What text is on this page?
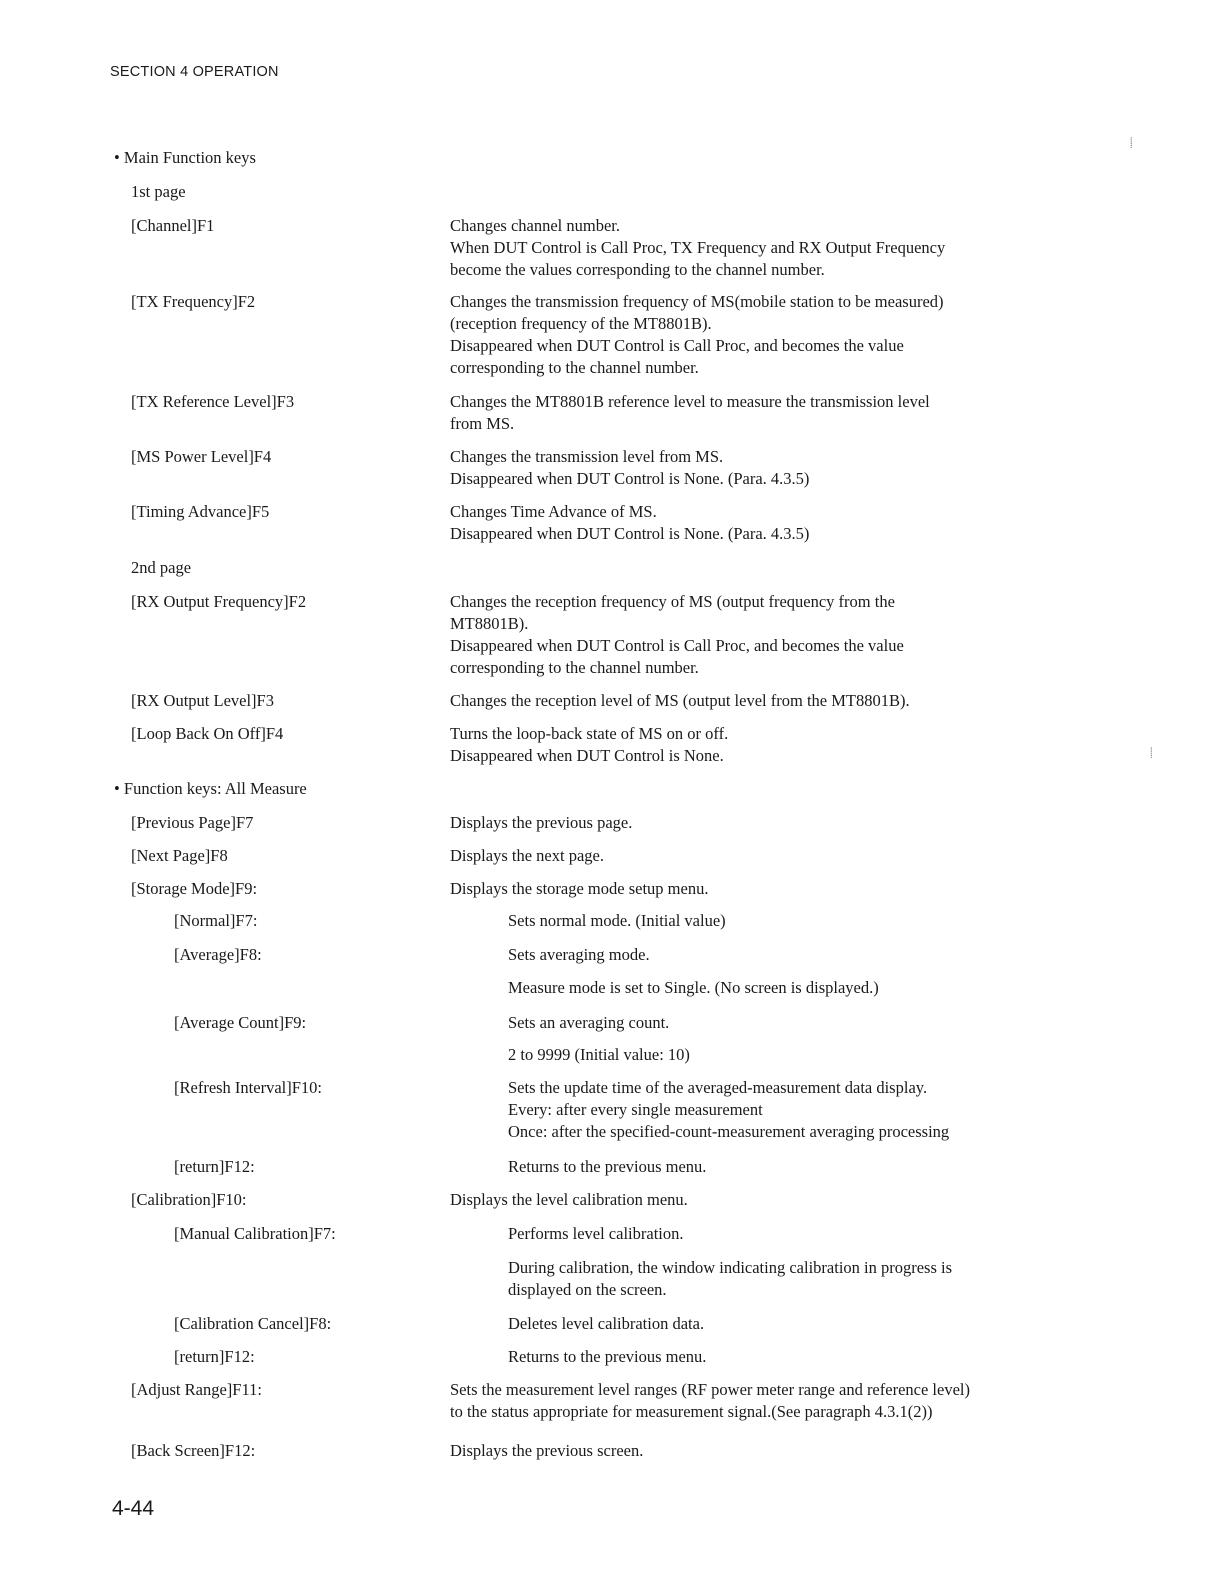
SECTION 4 OPERATION
• Main Function keys
1st page
[Channel]F1	Changes channel number.
When DUT Control is Call Proc, TX Frequency and RX Output Frequency
become the values corresponding to the channel number.
[TX Frequency]F2	Changes the transmission frequency of MS(mobile station to be measured)
(reception frequency of the MT8801B).
Disappeared when DUT Control is Call Proc, and becomes the value
corresponding to the channel number.
[TX Reference Level]F3	Changes the MT8801B reference level to measure the transmission level
from MS.
[MS Power Level]F4	Changes the transmission level from MS.
Disappeared when DUT Control is None. (Para. 4.3.5)
[Timing Advance]F5	Changes Time Advance of MS.
Disappeared when DUT Control is None. (Para. 4.3.5)
2nd page
[RX Output Frequency]F2	Changes the reception frequency of MS (output frequency from the
MT8801B).
Disappeared when DUT Control is Call Proc, and becomes the value
corresponding to the channel number.
[RX Output Level]F3	Changes the reception level of MS (output level from the MT8801B).
[Loop Back On Off]F4	Turns the loop-back state of MS on or off.
Disappeared when DUT Control is None.
• Function keys: All Measure
[Previous Page]F7	Displays the previous page.
[Next Page]F8	Displays the next page.
[Storage Mode]F9:	Displays the storage mode setup menu.
[Normal]F7:	Sets normal mode. (Initial value)
[Average]F8:	Sets averaging mode.
Measure mode is set to Single. (No screen is displayed.)
[Average Count]F9:	Sets an averaging count.
2 to 9999 (Initial value: 10)
[Refresh Interval]F10:	Sets the update time of the averaged-measurement data display.
Every: after every single measurement
Once: after the specified-count-measurement averaging processing
[return]F12:	Returns to the previous menu.
[Calibration]F10:	Displays the level calibration menu.
[Manual Calibration]F7:	Performs level calibration.
During calibration, the window indicating calibration in progress is
displayed on the screen.
[Calibration Cancel]F8:	Deletes level calibration data.
[return]F12:	Returns to the previous menu.
[Adjust Range]F11:	Sets the measurement level ranges (RF power meter range and reference level)
to the status appropriate for measurement signal.(See paragraph 4.3.1(2))
[Back Screen]F12:	Displays the previous screen.
4-44
⸽
⸽
